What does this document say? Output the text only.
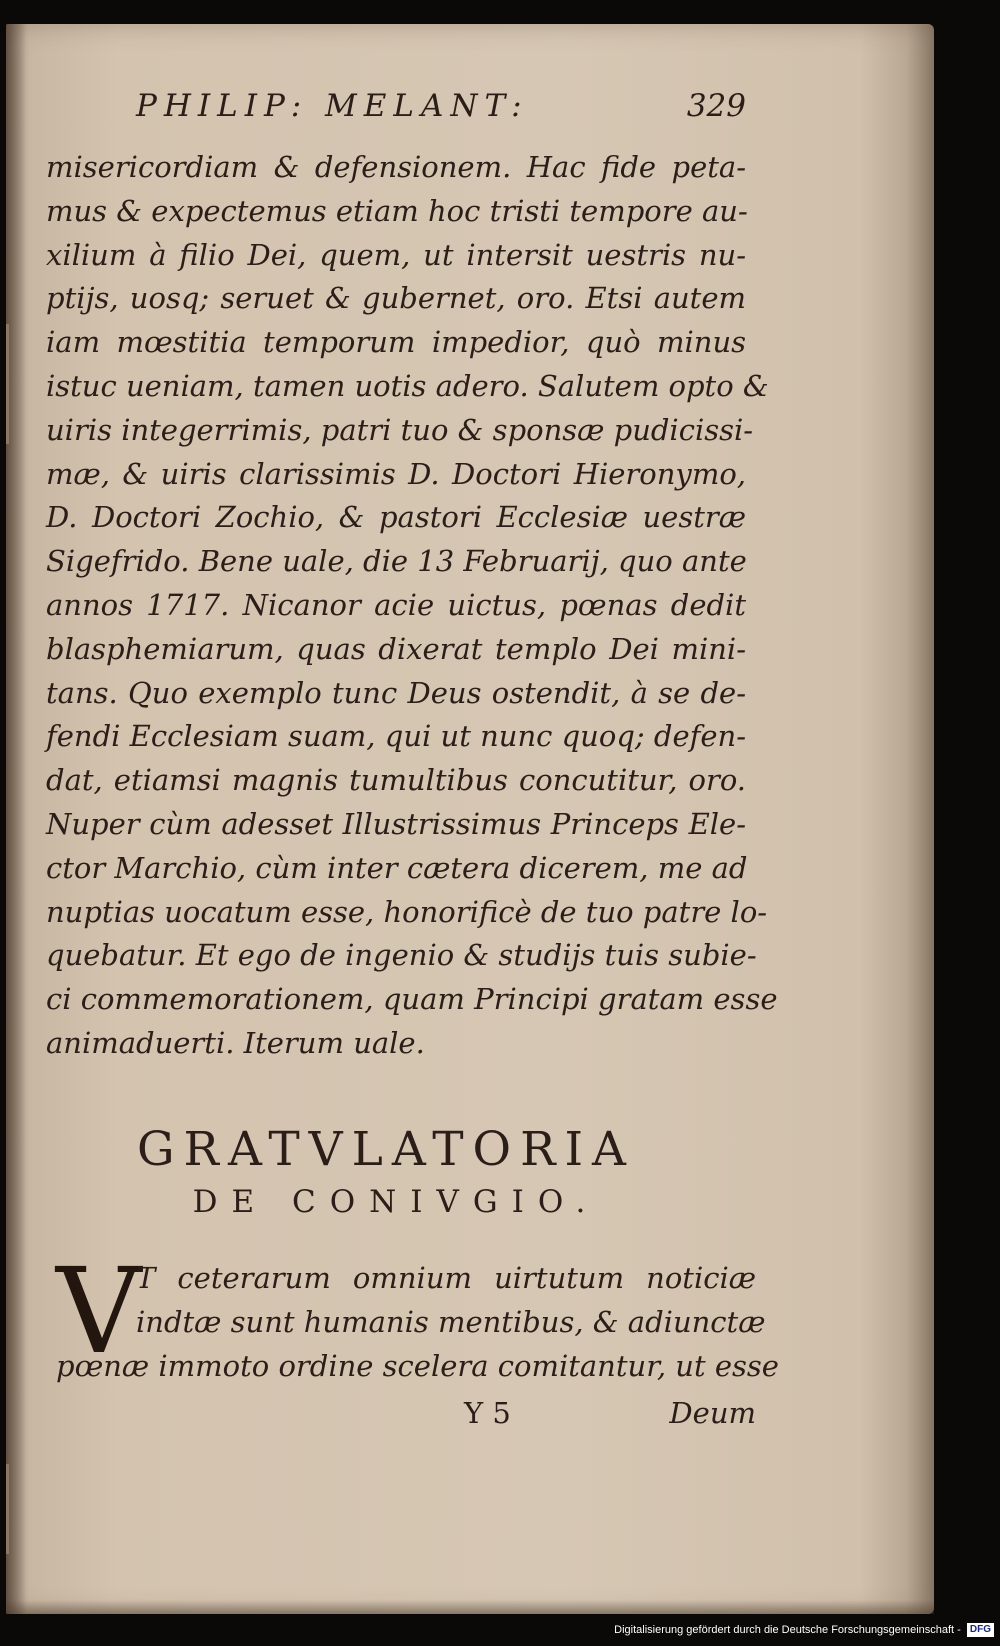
PHILIP: MELANT:	329
misericordiam & defensionem. Hac fide peta-
mus & expectemus etiam hoc tristi tempore au-
xilium à filio Dei, quem, ut intersit uestris nu-
ptijs, uosq; seruet & gubernet, oro. Etsi autem
iam mœstitia temporum impedior, quò minus
istuc ueniam, tamen uotis adero. Salutem opto &
uiris integerrimis, patri tuo & sponsæ pudicissi-
mæ, & uiris clarissimis D. Doctori Hieronymo,
D. Doctori Zochio, & pastori Ecclesiæ uestræ
Sigefrido. Bene uale, die 13 Februarij, quo ante
annos 1717. Nicanor acie uictus, pœnas dedit
blasphemiarum, quas dixerat templo Dei mini-
tans. Quo exemplo tunc Deus ostendit, à se de-
fendi Ecclesiam suam, qui ut nunc quoq; defen-
dat, etiamsi magnis tumultibus concutitur, oro.
Nuper cùm adesset Illustrissimus Princeps Ele-
ctor Marchio, cùm inter cætera dicerem, me ad
nuptias uocatum esse, honorificè de tuo patre lo-
quebatur. Et ego de ingenio & studijs tuis subie-
ci commemorationem, quam Principi gratam esse
animaduerti. Iterum uale.
GRATVLATORIA
DE CONIVGIO.
V
T ceterarum omnium uirtutum noticiæ
indtæ sunt humanis mentibus, & adiunctæ
pœnæ immoto ordine scelera comitantur, ut esse
Y 5	Deum
Digitalisierung gefördert durch die Deutsche Forschungsgemeinschaft - DFG
